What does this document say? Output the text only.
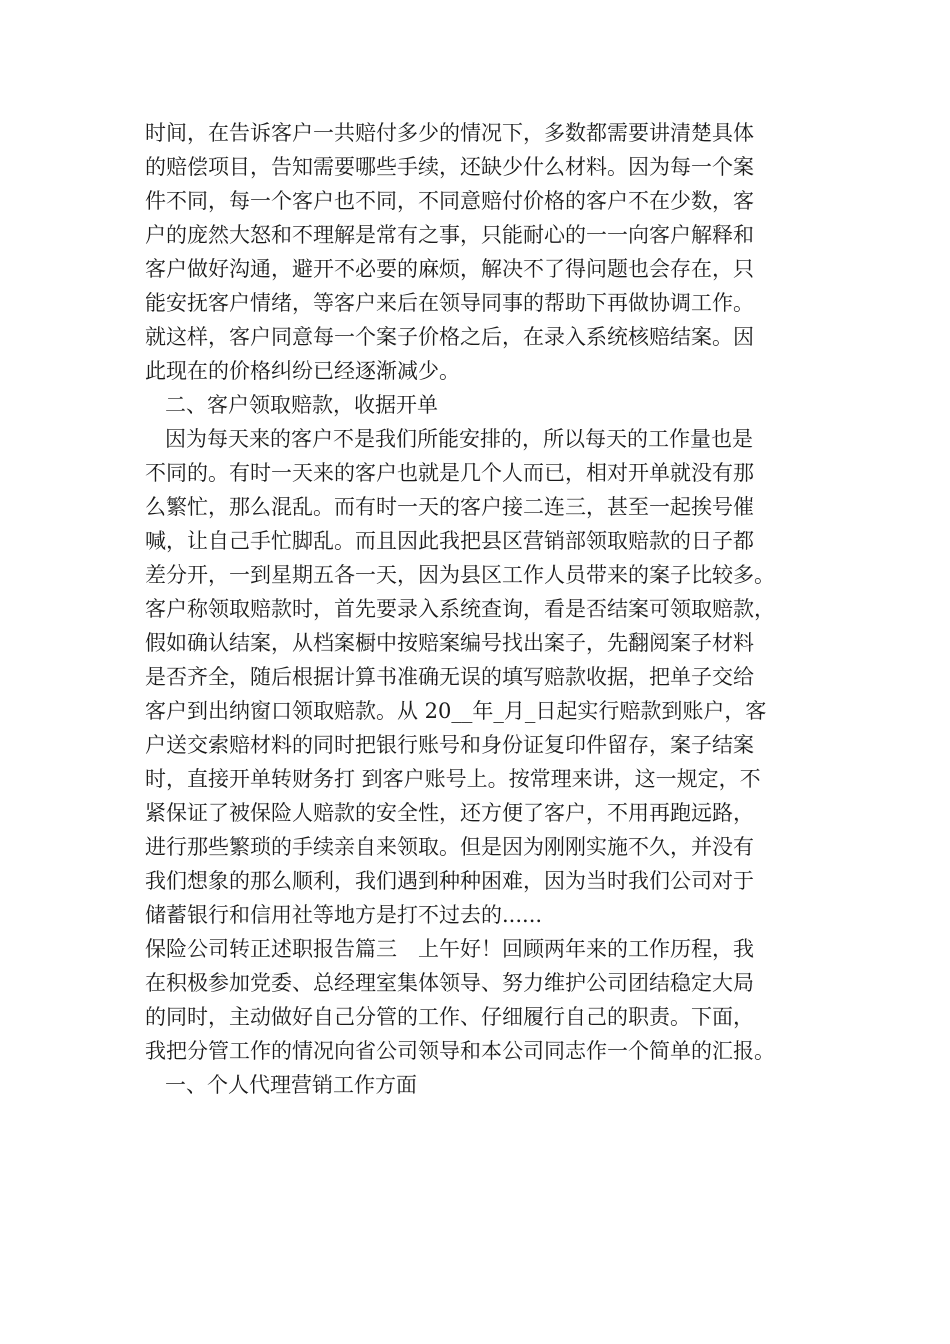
时间，在告诉客户一共赔付多少的情况下，多数都需要讲清楚具体
的赔偿项目，告知需要哪些手续，还缺少什么材料。因为每一个案
件不同，每一个客户也不同，不同意赔付价格的客户不在少数，客
户的庞然大怒和不理解是常有之事，只能耐心的一一向客户解释和
客户做好沟通，避开不必要的麻烦，解决不了得问题也会存在，只
能安抚客户情绪，等客户来后在领导同事的帮助下再做协调工作。
就这样，客户同意每一个案子价格之后，在录入系统核赔结案。因
此现在的价格纠纷已经逐渐减少。
二、客户领取赔款，收据开单
因为每天来的客户不是我们所能安排的，所以每天的工作量也是
不同的。有时一天来的客户也就是几个人而已，相对开单就没有那
么繁忙，那么混乱。而有时一天的客户接二连三，甚至一起挨号催
喊，让自己手忙脚乱。而且因此我把县区营销部领取赔款的日子都
差分开，一到星期五各一天，因为县区工作人员带来的案子比较多。
客户称领取赔款时，首先要录入系统查询，看是否结案可领取赔款，
假如确认结案，从档案橱中按赔案编号找出案子，先翻阅案子材料
是否齐全，随后根据计算书准确无误的填写赔款收据，把单子交给
客户到出纳窗口领取赔款。从 20__年_月_日起实行赔款到账户，客
户送交索赔材料的同时把银行账号和身份证复印件留存，案子结案
时，直接开单转财务打 到客户账号上。按常理来讲，这一规定，不
紧保证了被保险人赔款的安全性，还方便了客户，不用再跑远路，
进行那些繁琐的手续亲自来领取。但是因为刚刚实施不久，并没有
我们想象的那么顺利，我们遇到种种困难，因为当时我们公司对于
储蓄银行和信用社等地方是打不过去的......
保险公司转正述职报告篇三　上午好！回顾两年来的工作历程，我
在积极参加党委、总经理室集体领导、努力维护公司团结稳定大局
的同时，主动做好自己分管的工作、仔细履行自己的职责。下面，
我把分管工作的情况向省公司领导和本公司同志作一个简单的汇报。
一、个人代理营销工作方面
